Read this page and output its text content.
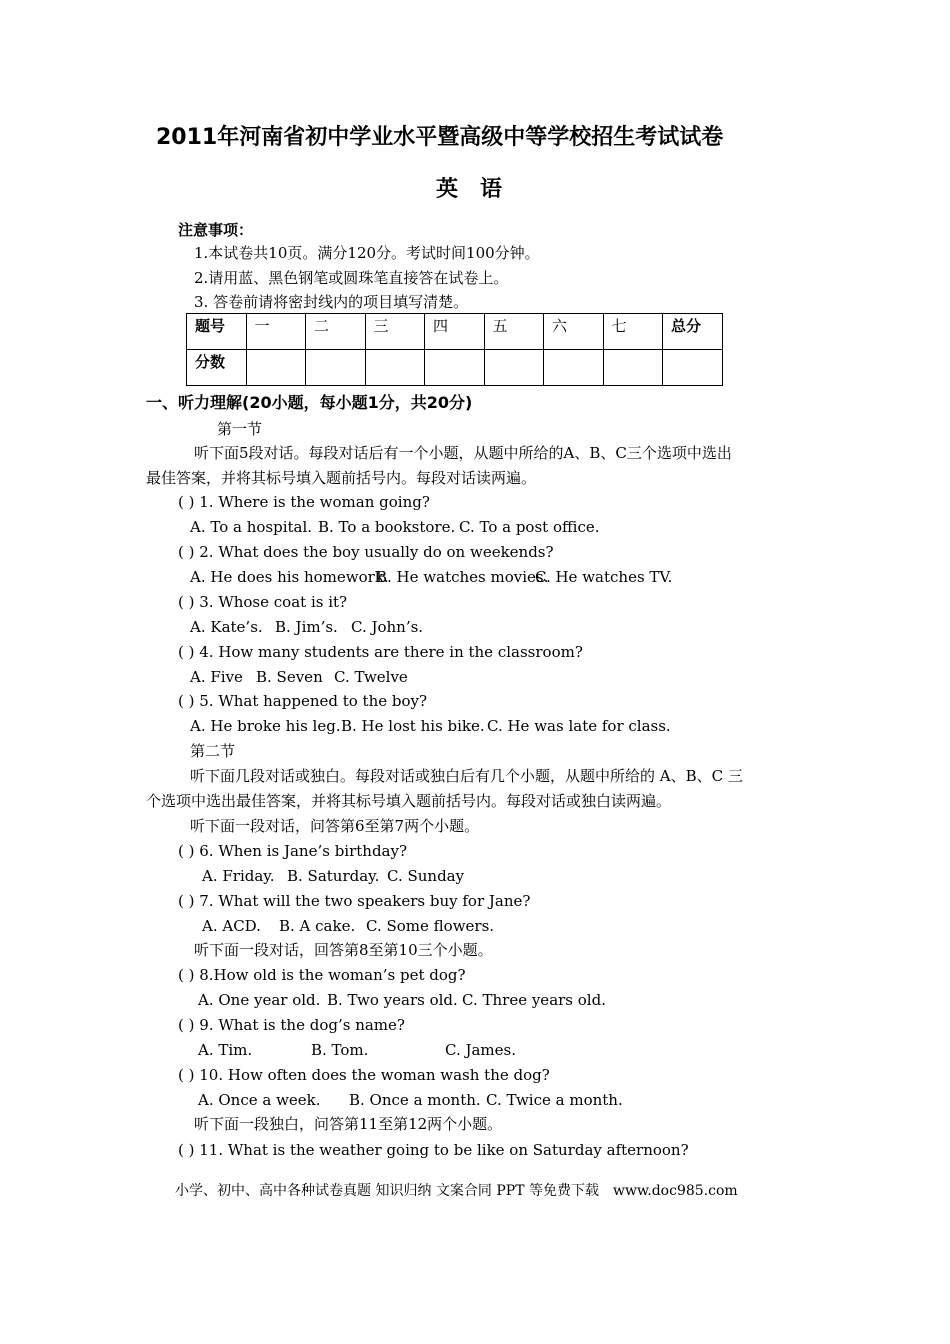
2011年河南省初中学业水平暨高级中等学校招生考试试卷
英　语
注意事项：
1.本试卷共10页。满分120分。考试时间100分钟。
2.请用蓝、黑色钢笔或圆珠笔直接答在试卷上。
3. 答卷前请将密封线内的项目填写清楚。
题号	一	二	三	四	五	六	七	总分
分数								
一、听力理解(20小题，每小题1分，共20分)
第一节
听下面5段对话。每段对话后有一个小题，从题中所给的A、B、C三个选项中选出
最佳答案，并将其标号填入题前括号内。每段对话读两遍。
( ) 1. Where is the woman going?
A. To a hospital. B. To a bookstore. C. To a post office.
( ) 2. What does the boy usually do on weekends?
A. He does his homework.
B. He watches movies.
C. He watches TV.
( ) 3. Whose coat is it?
A. Kate’s. B. Jim’s. C. John’s.
( ) 4. How many students are there in the classroom?
A. Five B. Seven C. Twelve
( ) 5. What happened to the boy?
A. He broke his leg. B. He lost his bike. C. He was late for class.
第二节
听下面几段对话或独白。每段对话或独白后有几个小题，从题中所给的 A、B、C 三
个选项中选出最佳答案，并将其标号填入题前括号内。每段对话或独白读两遍。
听下面一段对话，问答第6至第7两个小题。
( ) 6. When is Jane’s birthday?
A. Friday. B. Saturday. C. Sunday
( ) 7. What will the two speakers buy for Jane?
A. ACD. B. A cake. C. Some flowers.
听下面一段对话，回答第8至第10三个小题。
( ) 8.How old is the woman’s pet dog?
A. One year old. B. Two years old. C. Three years old.
( ) 9. What is the dog’s name?
A. Tim.	B. Tom.	C. James.
( ) 10. How often does the woman wash the dog?
A. Once a week. B. Once a month. C. Twice a month.
听下面一段独白，问答第11至第12两个小题。
( ) 11. What is the weather going to be like on Saturday afternoon?
小学、初中、高中各种试卷真题 知识归纳 文案合同 PPT 等免费下载　www.doc985.com
